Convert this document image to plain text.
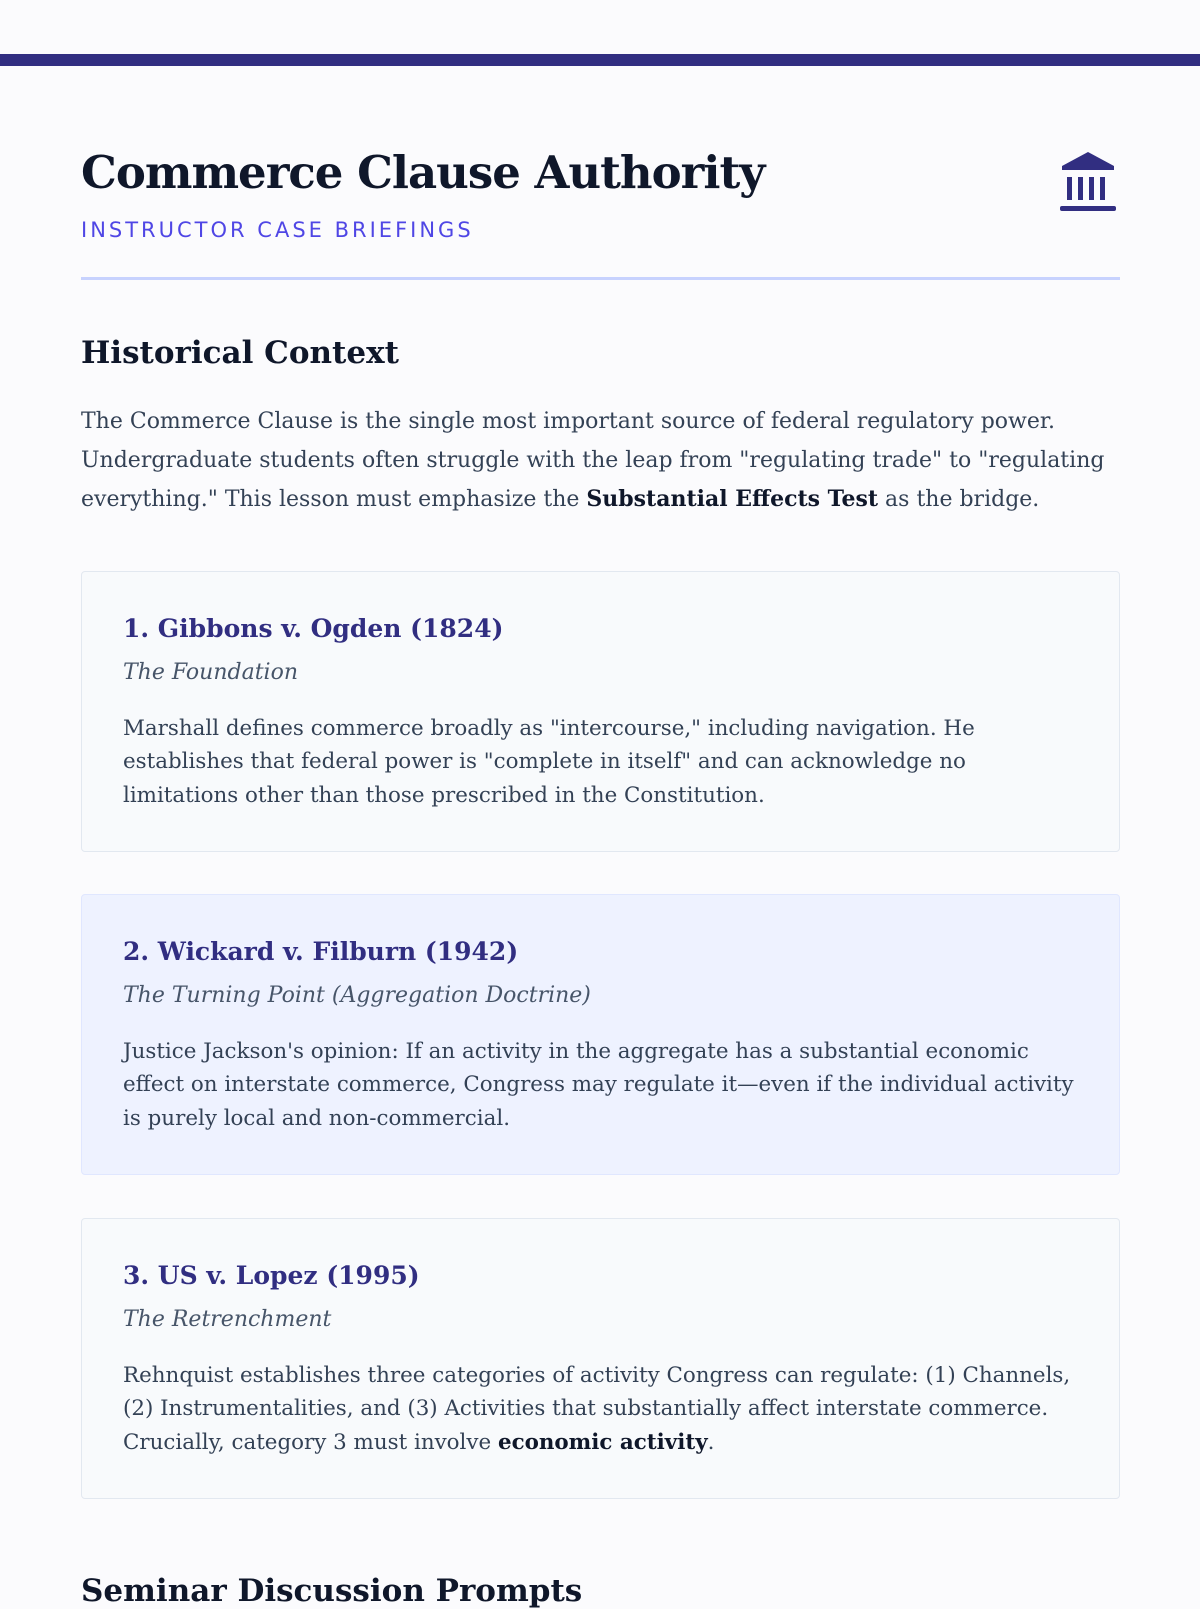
Commerce Clause Authority
INSTRUCTOR CASE BRIEFINGS
Historical Context

The Commerce Clause is the single most important source of federal regulatory power. Undergraduate students often struggle with the leap from "regulating trade" to "regulating everything." This lesson must emphasize the Substantial Effects Test as the bridge.

1. Gibbons v. Ogden (1824)
The Foundation

Marshall defines commerce broadly as "intercourse," including navigation. He establishes that federal power is "complete in itself" and can acknowledge no limitations other than those prescribed in the Constitution.

2. Wickard v. Filburn (1942)
The Turning Point (Aggregation Doctrine)

Justice Jackson's opinion: If an activity in the aggregate has a substantial economic effect on interstate commerce, Congress may regulate it—even if the individual activity is purely local and non-commercial.

3. US v. Lopez (1995)
The Retrenchment

Rehnquist establishes three categories of activity Congress can regulate: (1) Channels, (2) Instrumentalities, and (3) Activities that substantially affect interstate commerce. Crucially, category 3 must involve economic activity.

Seminar Discussion Prompts
